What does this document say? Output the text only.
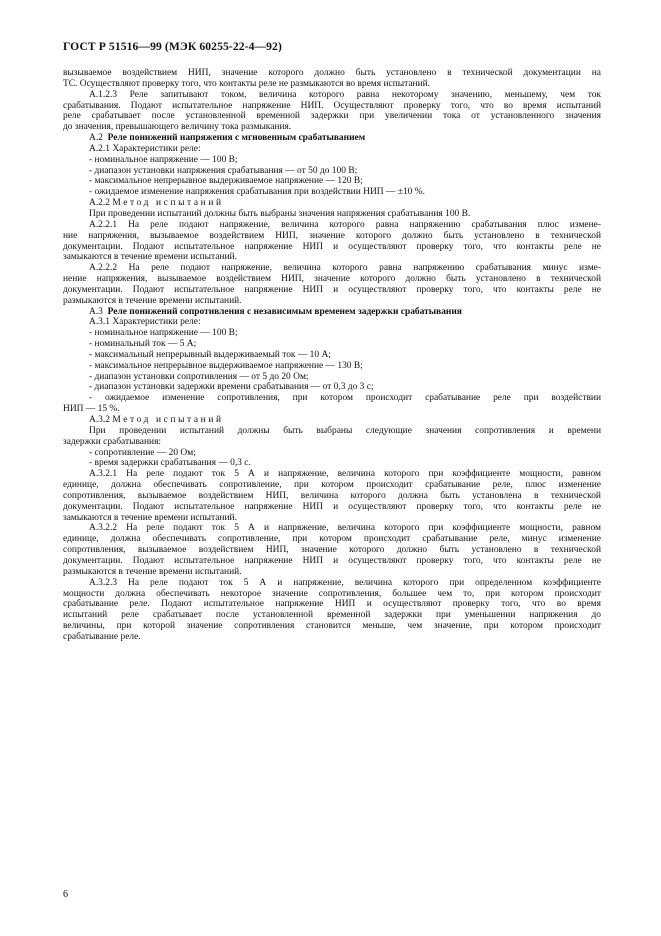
ГОСТ Р 51516—99 (МЭК 60255-22-4—92)
вызываемое воздействием НИП, значение которого должно быть установлено в технической документации на
ТС. Осуществляют проверку того, что контакты реле не размыкаются во время испытаний.
А.1.2.3 Реле запитывают током, величина которого равна некоторому значению, меньшему, чем ток
срабатывания. Подают испытательное напряжение НИП. Осуществляют проверку того, что во время испытаний
реле срабатывает после установленной временной задержки при увеличении тока от установленного значения
до значения, превышающего величину тока размыкания.
А.2 Реле понижений напряжения с мгновенным срабатыванием
А.2.1 Характеристики реле:
- номинальное напряжение — 100 В;
- диапазон установки напряжения срабатывания — от 50 до 100 В;
- максимальное непрерывное выдерживаемое напряжение — 120 В;
- ожидаемое изменение напряжения срабатывания при воздействии НИП — ±10 %.
А.2.2 Метод испытаний
При проведении испытаний должны быть выбраны значения напряжения срабатывания 100 В.
А.2.2.1 На реле подают напряжение, величина которого равна напряжению срабатывания плюс измене-
ние напряжения, вызываемое воздействием НИП, значение которого должно быть установлено в технической
документации. Подают испытательное напряжение НИП и осуществляют проверку того, что контакты реле не
замыкаются в течение времени испытаний.
А.2.2.2 На реле подают напряжение, величина которого равна напряжению срабатывания минус изме-
нение напряжения, вызываемое воздействием НИП, значение которого должно быть установлено в технической
документации. Подают испытательное напряжение НИП и осуществляют проверку того, что контакты реле не
размыкаются в течение времени испытаний.
А.3 Реле понижений сопротивления с независимым временем задержки срабатывания
А.3.1 Характеристики реле:
- номинальное напряжение — 100 В;
- номинальный ток — 5 А;
- максимальный непрерывный выдерживаемый ток — 10 А;
- максимальное непрерывное выдерживаемое напряжение — 130 В;
- диапазон установки сопротивления — от 5 до 20 Ом;
- диапазон установки задержки времени срабатывания — от 0,3 до 3 с;
- ожидаемое изменение сопротивления, при котором происходит срабатывание реле при воздействии
НИП — 15 %.
А.3.2 Метод испытаний
При проведении испытаний должны быть выбраны следующие значения сопротивления и времени
задержки срабатывания:
- сопротивление — 20 Ом;
- время задержки срабатывания — 0,3 с.
А.3.2.1 На реле подают ток 5 А и напряжение, величина которого при коэффициенте мощности, равном
единице, должна обеспечивать сопротивление, при котором происходит срабатывание реле, плюс изменение
сопротивления, вызываемое воздействием НИП, величина которого должна быть установлена в технической
документации. Подают испытательное напряжение НИП и осуществляют проверку того, что контакты реле не
замыкаются в течение времени испытаний.
А.3.2.2 На реле подают ток 5 А и напряжение, величина которого при коэффициенте мощности, равном
единице, должна обеспечивать сопротивление, при котором происходит срабатывание реле, минус изменение
сопротивления, вызываемое воздействием НИП, значение которого должно быть установлено в технической
документации. Подают испытательное напряжение НИП и осуществляют проверку того, что контакты реле не
размыкаются в течение времени испытаний.
А.3.2.3 На реле подают ток 5 А и напряжение, величина которого при определенном коэффициенте
мощности должна обеспечивать некоторое значение сопротивления, большее чем то, при котором происходит
срабатывание реле. Подают испытательное напряжение НИП и осуществляют проверку того, что во время
испытаний реле срабатывает после установленной временной задержки при уменьшении напряжения до
величины, при которой значение сопротивления становится меньше, чем значение, при котором происходит
срабатывание реле.
6
